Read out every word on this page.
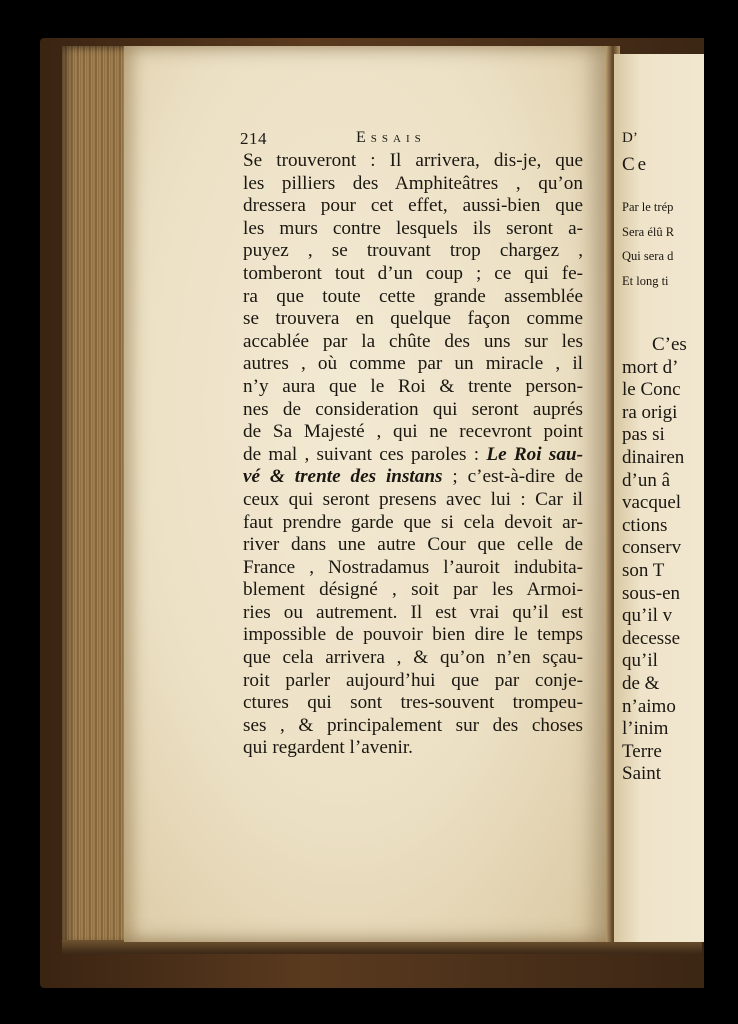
214	Essais
Se trouveront : Il arrivera, dis-je, que
les pilliers des Amphiteâtres , qu’on
dressera pour cet effet, aussi-bien que
les murs contre lesquels ils seront a-
puyez , se trouvant trop chargez ,
tomberont tout d’un coup ; ce qui fe-
ra que toute cette grande assemblée
se trouvera en quelque façon comme
accablée par la chûte des uns sur les
autres , où comme par un miracle , il
n’y aura que le Roi & trente person-
nes de consideration qui seront auprés
de Sa Majesté , qui ne recevront point
de mal , suivant ces paroles : Le Roi sau-
vé & trente des instans ; c’est-à-dire de
ceux qui seront presens avec lui : Car il
faut prendre garde que si cela devoit ar-
river dans une autre Cour que celle de
France , Nostradamus l’auroit indubita-
blement désigné , soit par les Armoi-
ries ou autrement. Il est vrai qu’il est
impossible de pouvoir bien dire le temps
que cela arrivera , & qu’on n’en sçau-
roit parler aujourd’hui que par conje-
ctures qui sont tres-souvent trompeu-
ses , & principalement sur des choses
qui regardent l’avenir.
D’
Ce
Par le trép
Sera élû R
Qui sera d
Et long ti
C’es
mort d’
le Conc
ra origi
pas si
dinairen
d’un â
vacquel
ctions
conserv
son T
sous-en
qu’il v
decesse
qu’il
de &
n’aimo
l’inim
Terre
Saint
